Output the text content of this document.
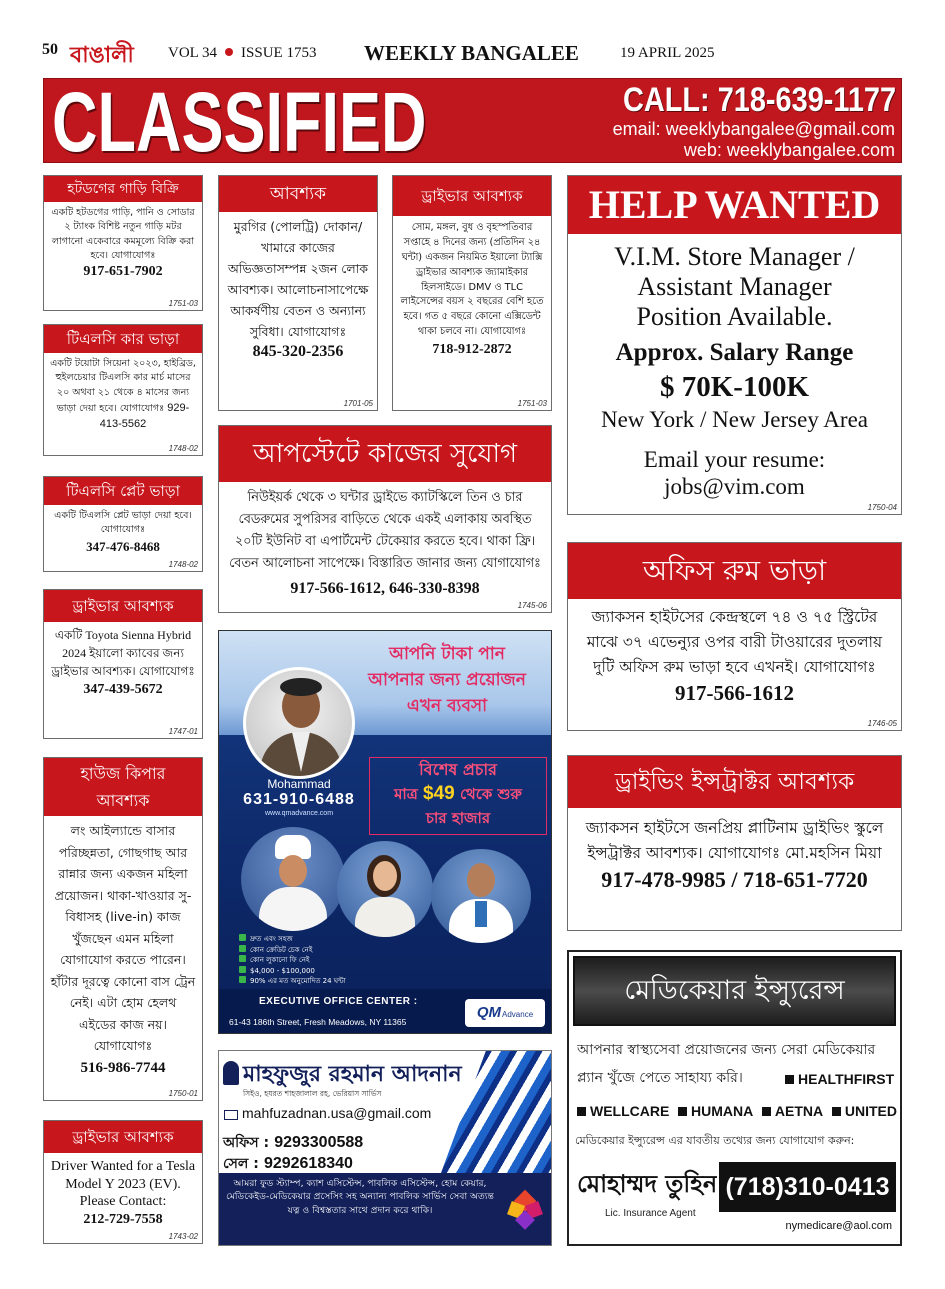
50 বাঙালী VOL 34 ISSUE 1753 WEEKLY BANGALEE	19 APRIL 2025
CLASSIFIED	CALL: 718-639-1177
email: weeklybangalee@gmail.com
web: weeklybangalee.com
হটডগের গাড়ি বিক্রি
একটি হটডগের গাড়ি, পানি ও সোডার ২ ট্যাংক বিশিষ্ট নতুন গাড়ি মটর লাগানো একেবারে কমমূল্যে বিক্রি করা হবে। যোগাযোগঃ
917-651-7902
1751-03
টিএলসি কার ভাড়া
একটি টয়োটা সিয়েনা ২০২৩, হাইব্রিড, হুইলচেয়ার টিএলসি কার মার্চ মাসের ২০ অথবা ২১ থেকে ৪ মাসের জন্য ভাড়া দেয়া হবে। যোগাযোগঃ 929-413-5562
1748-02
টিএলসি প্লেট ভাড়া
একটি টিএলসি প্লেট ভাড়া দেয়া হবে। যোগাযোগঃ
347-476-8468
1748-02
ড্রাইভার আবশ্যক
একটি Toyota Sienna Hybrid 2024 ইয়ালো ক্যাবের জন্য ড্রাইভার আবশ্যক। যোগাযোগঃ
347-439-5672
1747-01
হাউজ কিপার
আবশ্যক
লং আইল্যান্ডে বাসার পরিচ্ছন্নতা, গোছগাছ আর রান্নার জন্য একজন মহিলা প্রয়োজন। থাকা-খাওয়ার সু-বিধাসহ (live-in) কাজ খুঁজছেন এমন মহিলা যোগাযোগ করতে পারেন। হাঁটার দূরত্বে কোনো বাস ট্রেন নেই। এটা হোম হেলথ এইডের কাজ নয়। যোগাযোগঃ
516-986-7744
1750-01
ড্রাইভার আবশ্যক
Driver Wanted for a Tesla Model Y 2023 (EV). Please Contact:
212-729-7558
1743-02
আবশ্যক
মুরগির (পোলট্রি) দোকান/খামারে কাজের অভিজ্ঞতাসম্পন্ন ২জন লোক আবশ্যক। আলোচনাসাপেক্ষে আকর্ষণীয় বেতন ও অন্যান্য সুবিধা। যোগাযোগঃ
845-320-2356
1701-05
ড্রাইভার আবশ্যক
সোম, মঙ্গল, বুধ ও বৃহস্পতিবার সপ্তাহে ৪ দিনের জন্য (প্রতিদিন ২৪ ঘন্টা) একজন নিয়মিত ইয়ালো ট্যাক্সি ড্রাইভার আবশ্যক জ্যামাইকার হিলসাইডে। DMV ও TLC লাইসেন্সের বয়স ২ বছরের বেশি হতে হবে। গত ৫ বছরে কোনো এক্সিডেন্ট থাকা চলবে না। যোগাযোগঃ
718-912-2872
1751-03
আপস্টেটে কাজের সুযোগ
নিউইয়র্ক থেকে ৩ ঘন্টার ড্রাইভে ক্যাটস্কিলে তিন ও চার বেডরুমের সুপরিসর বাড়িতে থেকে একই এলাকায় অবস্থিত ২০টি ইউনিট বা এপার্টমেন্ট টেকেয়ার করতে হবে। থাকা ফ্রি। বেতন আলোচনা সাপেক্ষে। বিস্তারিত জানার জন্য যোগাযোগঃ 917-566-1612, 646-330-8398
1745-06
আপনি টাকা পান
আপনার জন্য প্রয়োজন
এখন ব্যবসা
Mohammad
631-910-6488
www.qmadvance.com
বিশেষ প্রচার
মাত্র $49 থেকে শুরু
চার হাজার
দ্রুত এবং সহজ
কোন ক্রেডিট চেক নেই
কোন লুকানো ফি নেই
$4,000 - $100,000
90% এর মত অনুমোদিত 24 ঘন্টা
EXECUTIVE OFFICE CENTER :
61-43 186th Street, Fresh Meadows, NY 11365
QMAdvance
মাহফুজুর রহমান আদনান
সিইও, হযরত শাহজালাল রহ, ভেরিয়াস সার্ভিস
mahfuzadnan.usa@gmail.com
অফিস : 9293300588
সেল : 9292618340
আমরা ফুড স্ট্যাম্প, ক্যাশ এসিস্টেন্স, পাবলিক এসিস্টেন্স, হোম কেয়ার, মেডিকেইড-মেডিকেয়ার প্রসেসিং সহ অন্যান্য পাবলিক সার্ভিস সেবা অত্যন্ত যত্ন ও বিশ্বস্ততার সাথে প্রদান করে থাকি।
HELP WANTED
V.I.M. Store Manager /
Assistant Manager
Position Available.
Approx. Salary Range
$ 70K-100K
New York / New Jersey Area
Email your resume:
jobs@vim.com
1750-04
অফিস রুম ভাড়া
জ্যাকসন হাইটসের কেন্দ্রস্থলে ৭৪ ও ৭৫ স্ট্রিটের মাঝে ৩৭ এভেন্যুর ওপর বারী টাওয়ারের দুতলায় দুটি অফিস রুম ভাড়া হবে এখনই। যোগাযোগঃ
917-566-1612
1746-05
ড্রাইভিং ইন্সট্রাক্টর আবশ্যক
জ্যাকসন হাইটসে জনপ্রিয় প্লাটিনাম ড্রাইভিং স্কুলে ইন্সট্রাক্টর আবশ্যক। যোগাযোগঃ মো.মহসিন মিয়া
917-478-9985 / 718-651-7720
মেডিকেয়ার ইন্স্যুরেন্স
আপনার স্বাস্থ্যসেবা প্রয়োজনের জন্য সেরা মেডিকেয়ার
প্ল্যান খুঁজে পেতে সাহায্য করি।	HEALTHFIRST
WELLCARE	HUMANA	AETNA	UNITED
মেডিকেয়ার ইন্স্যুরেন্স এর যাবতীয় তথ্যের জন্য যোগাযোগ করুন:
মোহাম্মদ তুহিন
Lic. Insurance Agent
(718)310-0413
nymedicare@aol.com
